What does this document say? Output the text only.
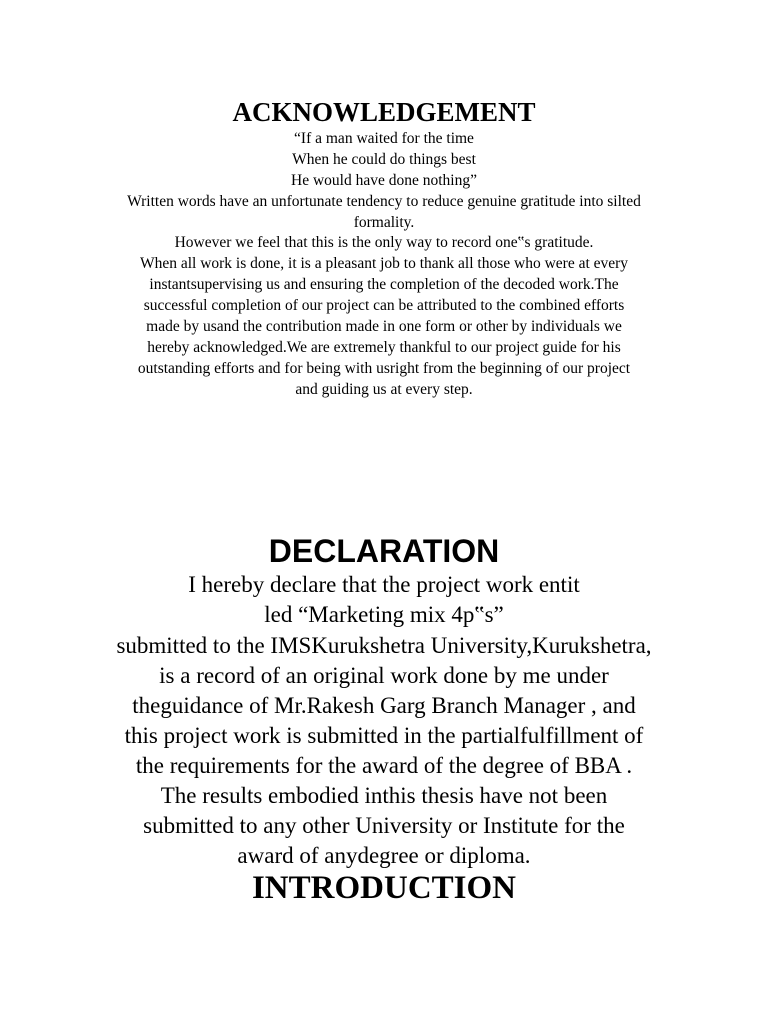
ACKNOWLEDGEMENT
“If a man waited for the time
When he could do things best
He would have done nothing”
Written words have an unfortunate tendency to reduce genuine gratitude into silted
formality.
However we feel that this is the only way to record one‟s gratitude.
When all work is done, it is a pleasant job to thank all those who were at every
instantsupervising us and ensuring the completion of the decoded work.The
successful completion of our project can be attributed to the combined efforts
made by usand the contribution made in one form or other by individuals we
hereby acknowledged.We are extremely thankful to our project guide for his
outstanding efforts and for being with usright from the beginning of our project
and guiding us at every step.
DECLARATION
I hereby declare that the project work entit
led “Marketing mix 4p‟s”
submitted to the IMSKurukshetra University,Kurukshetra,
is a record of an original work done by me under
theguidance of Mr.Rakesh Garg Branch Manager , and
this project work is submitted in the partialfulfillment of
the requirements for the award of the degree of BBA .
The results embodied inthis thesis have not been
submitted to any other University or Institute for the
award of anydegree or diploma.
INTRODUCTION
